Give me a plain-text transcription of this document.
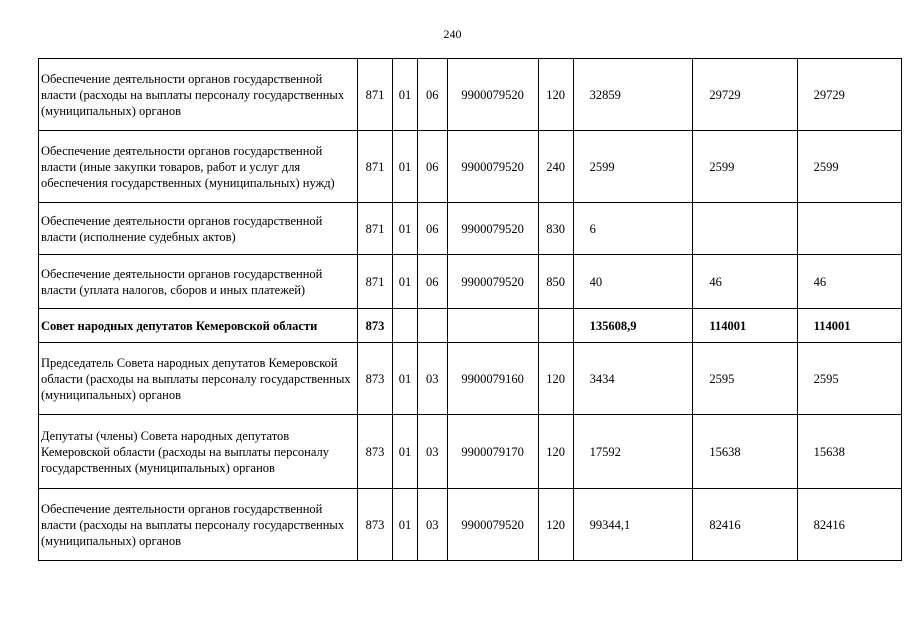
240
Обеспечение деятельности органов государственной власти (расходы на выплаты персоналу государственных (муниципальных) органов	871	01	06	9900079520	120	32859	29729	29729
Обеспечение деятельности органов государственной власти (иные закупки товаров, работ и услуг для обеспечения государственных (муниципальных) нужд)	871	01	06	9900079520	240	2599	2599	2599
Обеспечение деятельности органов государственной власти (исполнение судебных актов)	871	01	06	9900079520	830	6		
Обеспечение деятельности органов государственной власти (уплата налогов, сборов и иных платежей)	871	01	06	9900079520	850	40	46	46
Совет народных депутатов Кемеровской области	873					135608,9	114001	114001
Председатель Совета народных депутатов Кемеровской области (расходы на выплаты персоналу государственных (муниципальных) органов	873	01	03	9900079160	120	3434	2595	2595
Депутаты (члены) Совета народных депутатов Кемеровской области (расходы на выплаты персоналу государственных (муниципальных) органов	873	01	03	9900079170	120	17592	15638	15638
Обеспечение деятельности органов государственной власти (расходы на выплаты персоналу государственных (муниципальных) органов	873	01	03	9900079520	120	99344,1	82416	82416
